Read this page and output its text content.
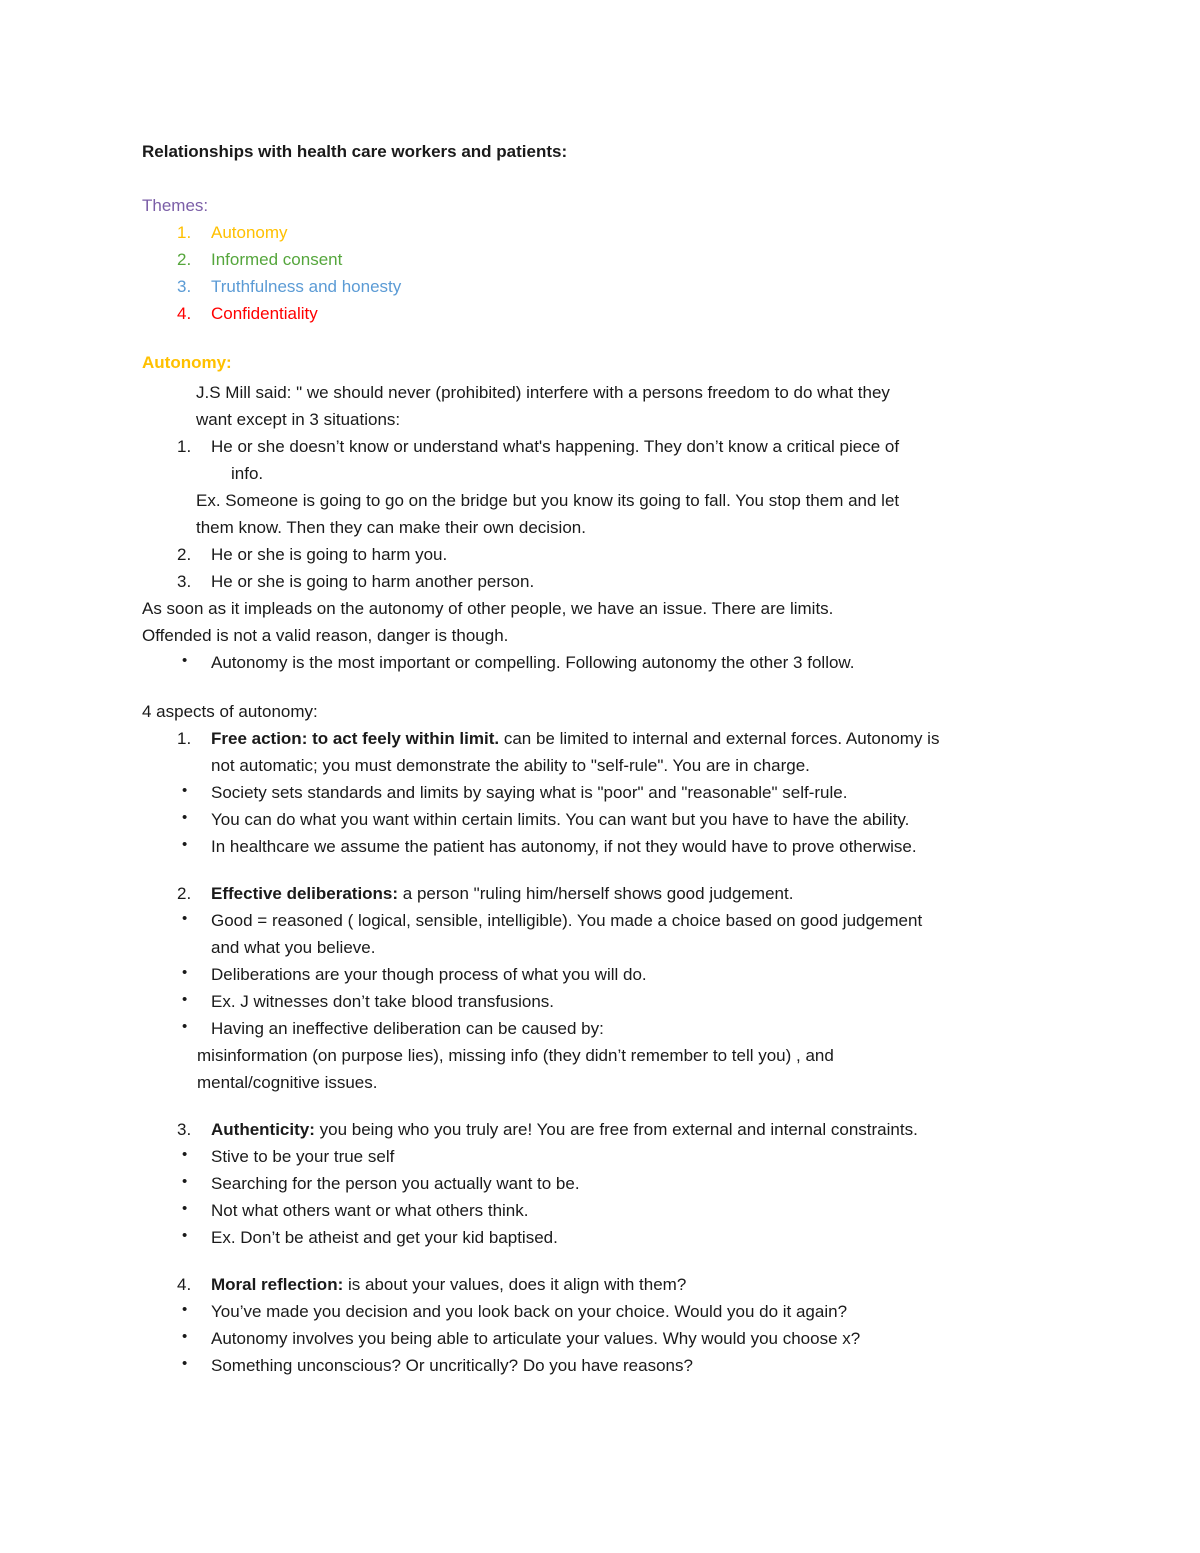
Relationships with health care workers and patients:
Themes:
1. Autonomy
2. Informed consent
3. Truthfulness and honesty
4. Confidentiality
Autonomy:
J.S Mill said: " we should never (prohibited) interfere with a persons freedom to do what they
want except in 3 situations:
1. He or she doesn’t know or understand what's happening. They don’t know a critical piece of
info.
Ex. Someone is going to go on the bridge but you know its going to fall. You stop them and let
them know. Then they can make their own decision.
2. He or she is going to harm you.
3. He or she is going to harm another person.
As soon as it impleads on the autonomy of other people, we have an issue. There are limits.
Offended is not a valid reason, danger is though.
• Autonomy is the most important or compelling. Following autonomy the other 3 follow.
4 aspects of autonomy:
1. Free action: to act feely within limit. can be limited to internal and external forces. Autonomy is
not automatic; you must demonstrate the ability to "self-rule". You are in charge.
• Society sets standards and limits by saying what is "poor" and "reasonable" self-rule.
• You can do what you want within certain limits. You can want but you have to have the ability.
• In healthcare we assume the patient has autonomy, if not they would have to prove otherwise.
2. Effective deliberations: a person "ruling him/herself shows good judgement.
• Good = reasoned ( logical, sensible, intelligible). You made a choice based on good judgement
and what you believe.
• Deliberations are your though process of what you will do.
• Ex. J witnesses don’t take blood transfusions.
• Having an ineffective deliberation can be caused by:
misinformation (on purpose lies), missing info (they didn’t remember to tell you) , and
mental/cognitive issues.
3. Authenticity: you being who you truly are! You are free from external and internal constraints.
• Stive to be your true self
• Searching for the person you actually want to be.
• Not what others want or what others think.
• Ex. Don’t be atheist and get your kid baptised.
4. Moral reflection: is about your values, does it align with them?
• You’ve made you decision and you look back on your choice. Would you do it again?
• Autonomy involves you being able to articulate your values. Why would you choose x?
• Something unconscious? Or uncritically? Do you have reasons?
